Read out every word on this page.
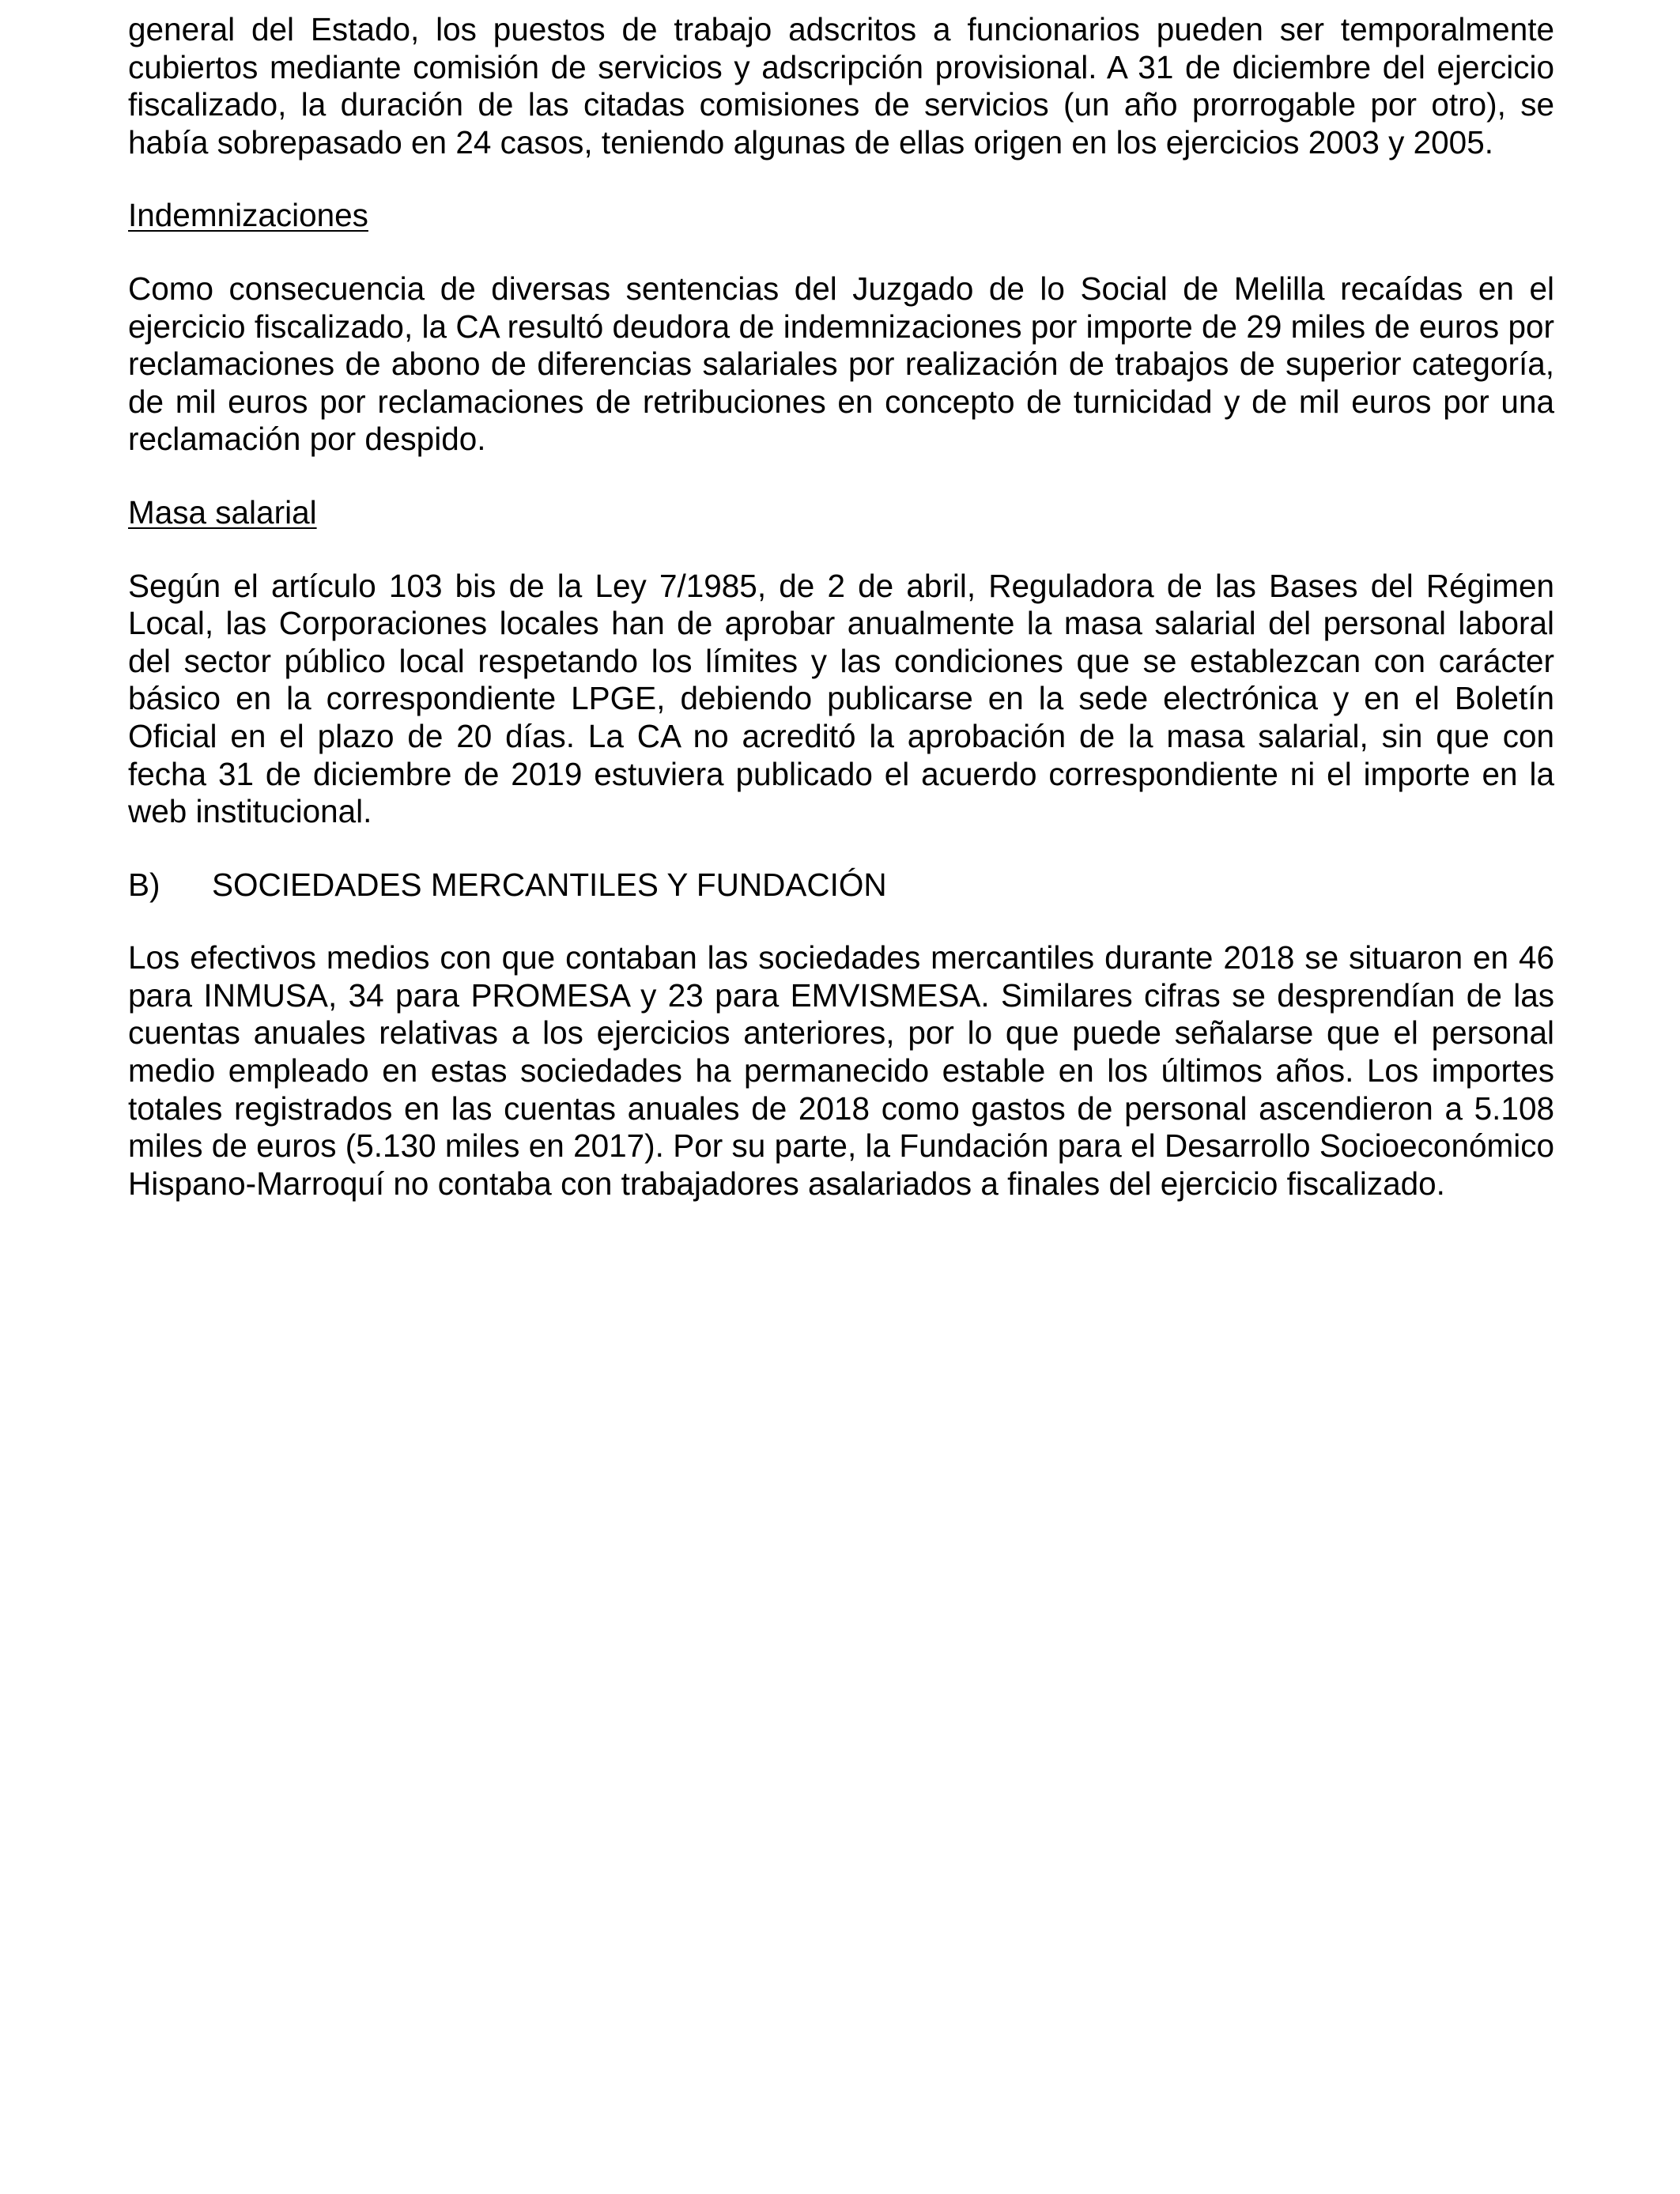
general del Estado, los puestos de trabajo adscritos a funcionarios pueden ser temporalmente cubiertos mediante comisión de servicios y adscripción provisional. A 31 de diciembre del ejercicio fiscalizado, la duración de las citadas comisiones de servicios (un año prorrogable por otro), se había sobrepasado en 24 casos, teniendo algunas de ellas origen en los ejercicios 2003 y 2005.

Indemnizaciones

Como consecuencia de diversas sentencias del Juzgado de lo Social de Melilla recaídas en el ejercicio fiscalizado, la CA resultó deudora de indemnizaciones por importe de 29 miles de euros por reclamaciones de abono de diferencias salariales por realización de trabajos de superior categoría, de mil euros por reclamaciones de retribuciones en concepto de turnicidad y de mil euros por una reclamación por despido.

Masa salarial

Según el artículo 103 bis de la Ley 7/1985, de 2 de abril, Reguladora de las Bases del Régimen Local, las Corporaciones locales han de aprobar anualmente la masa salarial del personal laboral del sector público local respetando los límites y las condiciones que se establezcan con carácter básico en la correspondiente LPGE, debiendo publicarse en la sede electrónica y en el Boletín Oficial en el plazo de 20 días. La CA no acreditó la aprobación de la masa salarial, sin que con fecha 31 de diciembre de 2019 estuviera publicado el acuerdo correspondiente ni el importe en la web institucional.

B)	SOCIEDADES MERCANTILES Y FUNDACIÓN

Los efectivos medios con que contaban las sociedades mercantiles durante 2018 se situaron en 46 para INMUSA, 34 para PROMESA y 23 para EMVISMESA. Similares cifras se desprendían de las cuentas anuales relativas a los ejercicios anteriores, por lo que puede señalarse que el personal medio empleado en estas sociedades ha permanecido estable en los últimos años. Los importes totales registrados en las cuentas anuales de 2018 como gastos de personal ascendieron a 5.108 miles de euros (5.130 miles en 2017). Por su parte, la Fundación para el Desarrollo Socioeconómico Hispano-Marroquí no contaba con trabajadores asalariados a finales del ejercicio fiscalizado.
